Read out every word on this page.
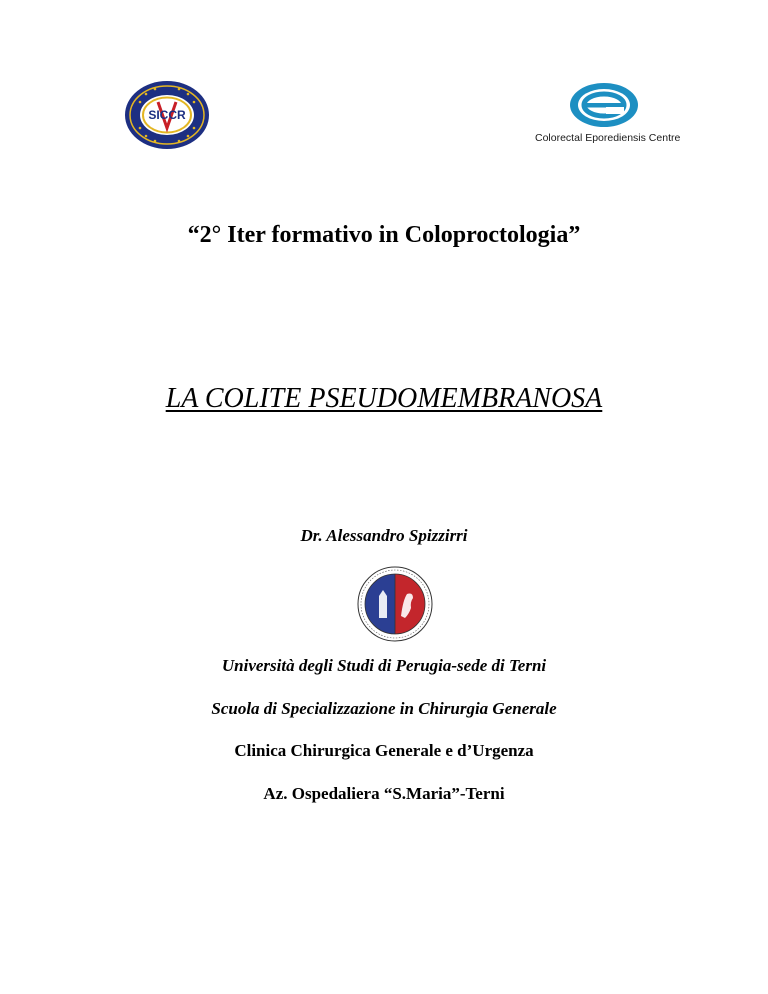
SICCR
Colorectal Eporediensis Centre
“2° Iter formativo in Coloproctologia”
LA COLITE PSEUDOMEMBRANOSA
Dr. Alessandro Spizzirri
Università degli Studi di Perugia-sede di Terni
Scuola di Specializzazione in Chirurgia Generale
Clinica Chirurgica Generale e d’Urgenza
Az. Ospedaliera “S.Maria”-Terni
